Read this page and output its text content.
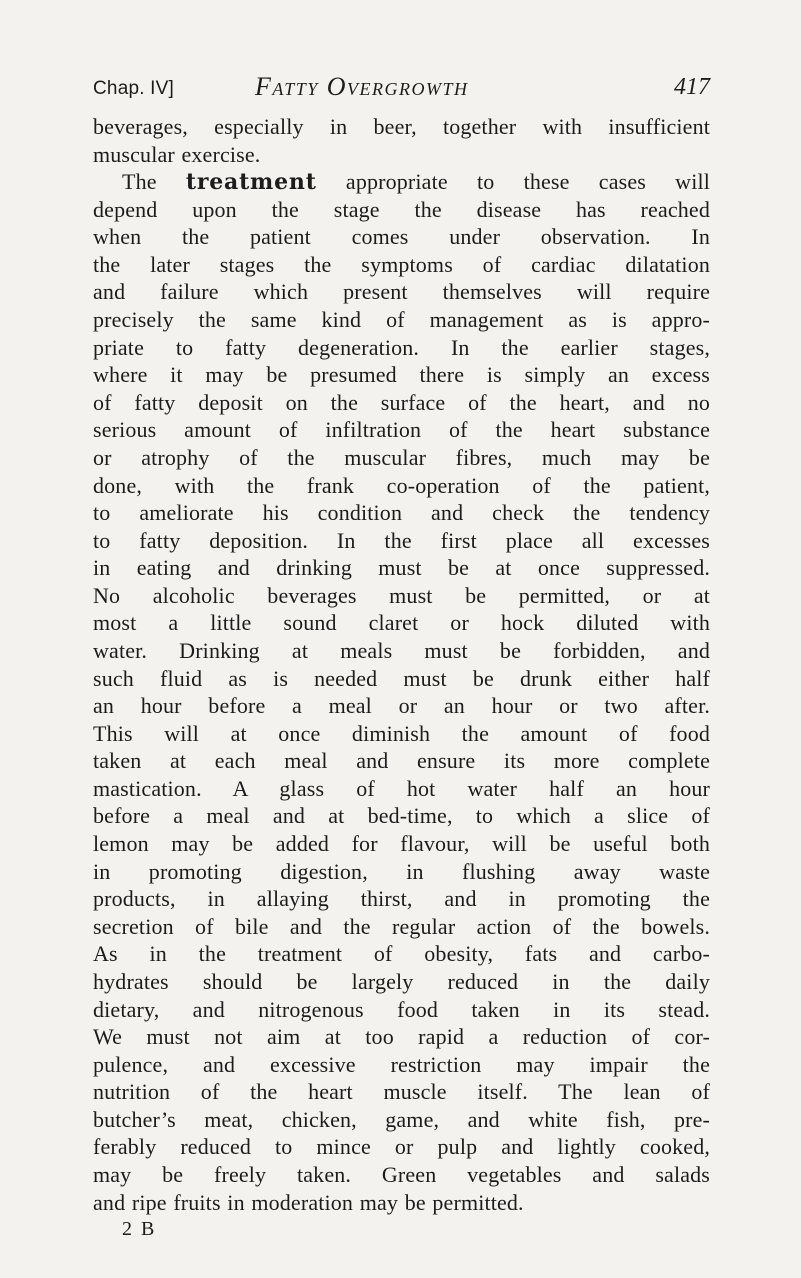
Chap. IV]	Fatty Overgrowth	417
beverages, especially in beer, together with insufficient
muscular exercise.
The treatment appropriate to these cases will
depend upon the stage the disease has reached
when the patient comes under observation. In
the later stages the symptoms of cardiac dilatation
and failure which present themselves will require
precisely the same kind of management as is appro-
priate to fatty degeneration. In the earlier stages,
where it may be presumed there is simply an excess
of fatty deposit on the surface of the heart, and no
serious amount of infiltration of the heart substance
or atrophy of the muscular fibres, much may be
done, with the frank co-operation of the patient,
to ameliorate his condition and check the tendency
to fatty deposition. In the first place all excesses
in eating and drinking must be at once suppressed.
No alcoholic beverages must be permitted, or at
most a little sound claret or hock diluted with
water. Drinking at meals must be forbidden, and
such fluid as is needed must be drunk either half
an hour before a meal or an hour or two after.
This will at once diminish the amount of food
taken at each meal and ensure its more complete
mastication. A glass of hot water half an hour
before a meal and at bed-time, to which a slice of
lemon may be added for flavour, will be useful both
in promoting digestion, in flushing away waste
products, in allaying thirst, and in promoting the
secretion of bile and the regular action of the bowels.
As in the treatment of obesity, fats and carbo-
hydrates should be largely reduced in the daily
dietary, and nitrogenous food taken in its stead.
We must not aim at too rapid a reduction of cor-
pulence, and excessive restriction may impair the
nutrition of the heart muscle itself. The lean of
butcher’s meat, chicken, game, and white fish, pre-
ferably reduced to mince or pulp and lightly cooked,
may be freely taken. Green vegetables and salads
and ripe fruits in moderation may be permitted.
2 B
